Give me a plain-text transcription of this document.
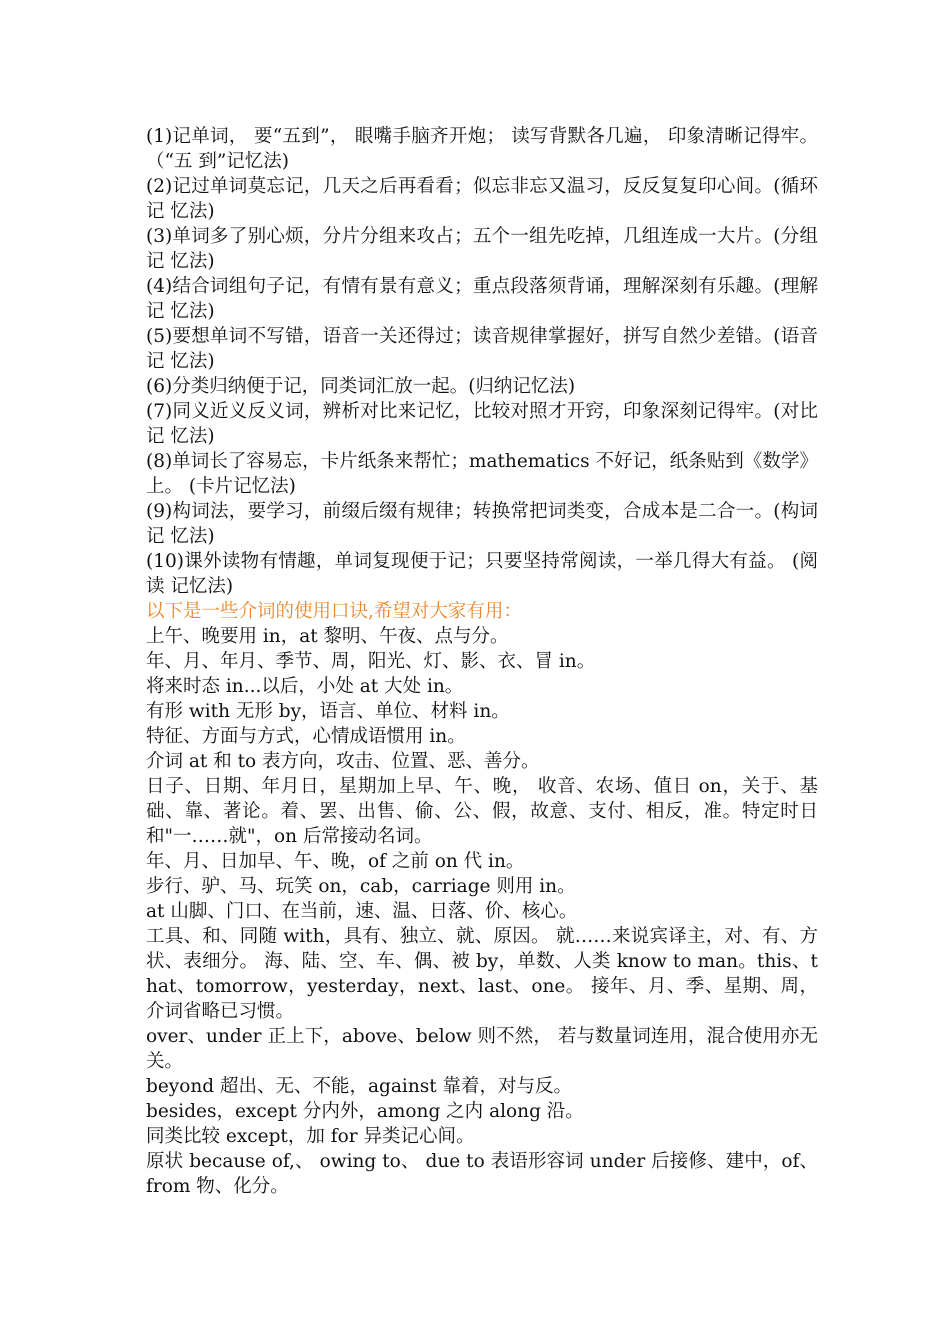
(1)记单词， 要“五到”， 眼嘴手脑齐开炮； 读写背默各几遍， 印象清晰记得牢。 （“五 到”记忆法)

(2)记过单词莫忘记，几天之后再看看；似忘非忘又温习，反反复复印心间。(循环记 忆法)

(3)单词多了别心烦，分片分组来攻占；五个一组先吃掉，几组连成一大片。(分组记 忆法)

(4)结合词组句子记，有情有景有意义；重点段落须背诵，理解深刻有乐趣。(理解记 忆法)

(5)要想单词不写错，语音一关还得过；读音规律掌握好，拼写自然少差错。(语音记 忆法)

(6)分类归纳便于记，同类词汇放一起。(归纳记忆法)

(7)同义近义反义词，辨析对比来记忆，比较对照才开窍，印象深刻记得牢。(对比记 忆法)

(8)单词长了容易忘，卡片纸条来帮忙；mathematics 不好记，纸条贴到《数学》上。 (卡片记忆法)

(9)构词法，要学习，前缀后缀有规律；转换常把词类变，合成本是二合一。(构词记 忆法)

(10)课外读物有情趣，单词复现便于记；只要坚持常阅读，一举几得大有益。 (阅读 记忆法)

以下是一些介词的使用口诀,希望对大家有用：

上午、晚要用 in，at 黎明、午夜、点与分。

年、月、年月、季节、周，阳光、灯、影、衣、冒 in。

将来时态 in...以后，小处 at 大处 in。

有形 with 无形 by，语言、单位、材料 in。

特征、方面与方式，心情成语惯用 in。

介词 at 和 to 表方向，攻击、位置、恶、善分。

日子、日期、年月日，星期加上早、午、晚， 收音、农场、值日 on，关于、基础、靠、著论。着、罢、出售、偷、公、假，故意、支付、相反，准。特定时日和"一……就"，on 后常接动名词。

年、月、日加早、午、晚，of 之前 on 代 in。

步行、驴、马、玩笑 on，cab，carriage 则用 in。

at 山脚、门口、在当前，速、温、日落、价、核心。

工具、和、同随 with，具有、独立、就、原因。 就……来说宾译主，对、有、方状、表细分。 海、陆、空、车、偶、被 by，单数、人类 know to man。this、that、tomorrow，yesterday，next、last、one。 接年、月、季、星期、周，介词省略已习惯。

over、under 正上下，above、below 则不然， 若与数量词连用，混合使用亦无关。

beyond 超出、无、不能，against 靠着，对与反。

besides，except 分内外，among 之内 along 沿。

同类比较 except，加 for 异类记心间。

原状 because of,、 owing to、 due to 表语形容词 under 后接修、建中，of、from 物、化分。
